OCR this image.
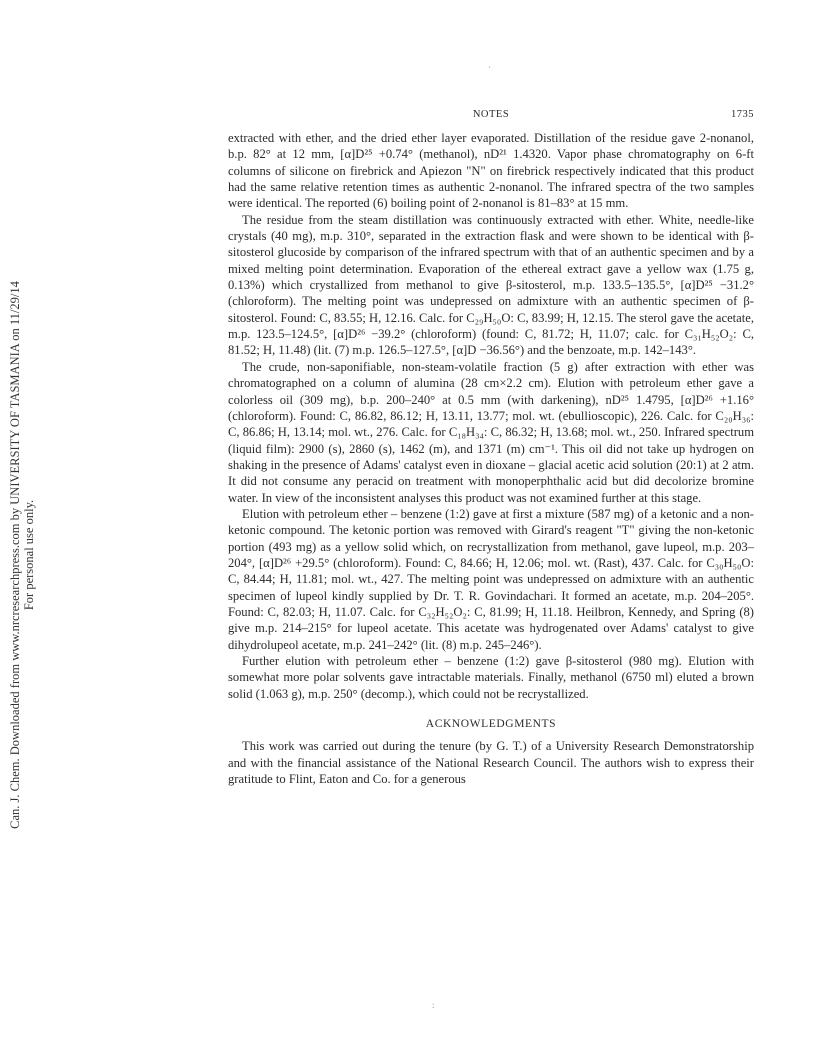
Can. J. Chem. Downloaded from www.nrcresearchpress.com by UNIVERSITY OF TASMANIA on 11/29/14 For personal use only.
NOTES	1735

extracted with ether, and the dried ether layer evaporated. Distillation of the residue gave 2-nonanol, b.p. 82° at 12 mm, [α]D²⁵ +0.74° (methanol), nD²¹ 1.4320. Vapor phase chromatography on 6-ft columns of silicone on firebrick and Apiezon "N" on firebrick respectively indicated that this product had the same relative retention times as authentic 2-nonanol. The infrared spectra of the two samples were identical. The reported (6) boiling point of 2-nonanol is 81–83° at 15 mm.

The residue from the steam distillation was continuously extracted with ether. White, needle-like crystals (40 mg), m.p. 310°, separated in the extraction flask and were shown to be identical with β-sitosterol glucoside by comparison of the infrared spectrum with that of an authentic specimen and by a mixed melting point determination. Evaporation of the ethereal extract gave a yellow wax (1.75 g, 0.13%) which crystallized from methanol to give β-sitosterol, m.p. 133.5–135.5°, [α]D²⁵ −31.2° (chloroform). The melting point was undepressed on admixture with an authentic specimen of β-sitosterol. Found: C, 83.55; H, 12.16. Calc. for C₂₉H₅₀O: C, 83.99; H, 12.15. The sterol gave the acetate, m.p. 123.5–124.5°, [α]D²⁶ −39.2° (chloroform) (found: C, 81.72; H, 11.07; calc. for C₃₁H₅₂O₂: C, 81.52; H, 11.48) (lit. (7) m.p. 126.5–127.5°, [α]D −36.56°) and the benzoate, m.p. 142–143°.

The crude, non-saponifiable, non-steam-volatile fraction (5 g) after extraction with ether was chromatographed on a column of alumina (28 cm×2.2 cm). Elution with petroleum ether gave a colorless oil (309 mg), b.p. 200–240° at 0.5 mm (with darkening), nD²⁵ 1.4795, [α]D²⁶ +1.16° (chloroform). Found: C, 86.82, 86.12; H, 13.11, 13.77; mol. wt. (ebullioscopic), 226. Calc. for C₂₀H₃₆: C, 86.86; H, 13.14; mol. wt., 276. Calc. for C₁₈H₃₄: C, 86.32; H, 13.68; mol. wt., 250. Infrared spectrum (liquid film): 2900 (s), 2860 (s), 1462 (m), and 1371 (m) cm⁻¹. This oil did not take up hydrogen on shaking in the presence of Adams' catalyst even in dioxane – glacial acetic acid solution (20:1) at 2 atm. It did not consume any peracid on treatment with monoperphthalic acid but did decolorize bromine water. In view of the inconsistent analyses this product was not examined further at this stage.

Elution with petroleum ether – benzene (1:2) gave at first a mixture (587 mg) of a ketonic and a non-ketonic compound. The ketonic portion was removed with Girard's reagent "T" giving the non-ketonic portion (493 mg) as a yellow solid which, on recrystallization from methanol, gave lupeol, m.p. 203–204°, [α]D²⁶ +29.5° (chloroform). Found: C, 84.66; H, 12.06; mol. wt. (Rast), 437. Calc. for C₃₀H₅₀O: C, 84.44; H, 11.81; mol. wt., 427. The melting point was undepressed on admixture with an authentic specimen of lupeol kindly supplied by Dr. T. R. Govindachari. It formed an acetate, m.p. 204–205°. Found: C, 82.03; H, 11.07. Calc. for C₃₂H₅₂O₂: C, 81.99; H, 11.18. Heilbron, Kennedy, and Spring (8) give m.p. 214–215° for lupeol acetate. This acetate was hydrogenated over Adams' catalyst to give dihydrolupeol acetate, m.p. 241–242° (lit. (8) m.p. 245–246°).

Further elution with petroleum ether – benzene (1:2) gave β-sitosterol (980 mg). Elution with somewhat more polar solvents gave intractable materials. Finally, methanol (6750 ml) eluted a brown solid (1.063 g), m.p. 250° (decomp.), which could not be recrystallized.

ACKNOWLEDGMENTS

This work was carried out during the tenure (by G. T.) of a University Research Demonstratorship and with the financial assistance of the National Research Council. The authors wish to express their gratitude to Flint, Eaton and Co. for a generous

·
:
